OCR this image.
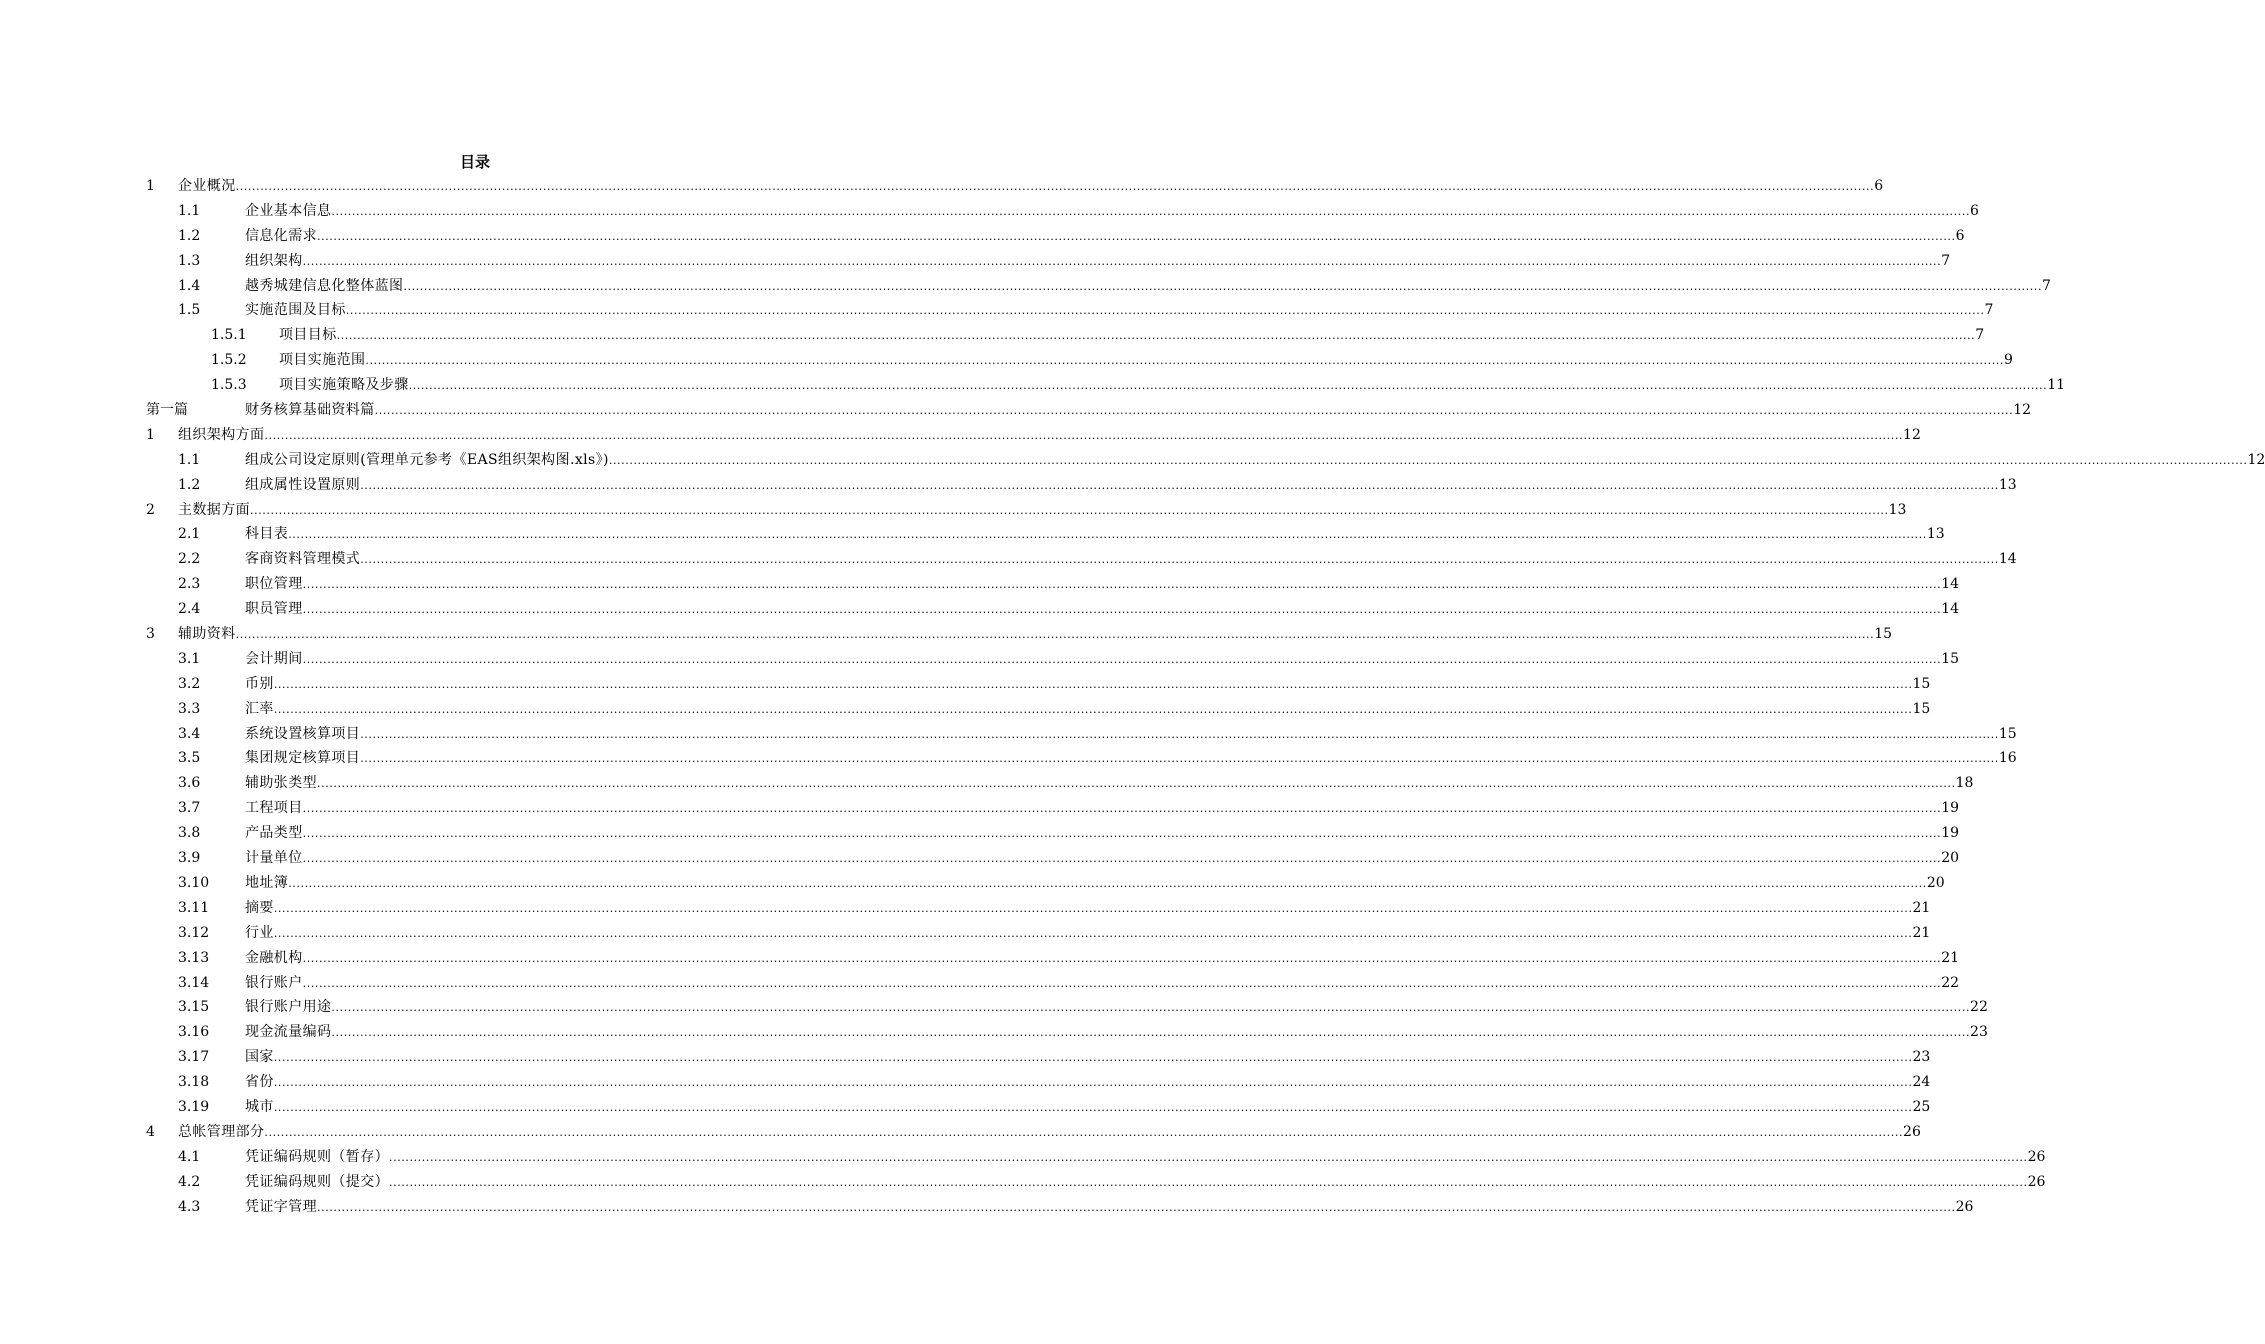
目录
1 企业概况 ................................................................................................................................................................................................................................................................................................................................................................................................................ 6
1.1	企业基本信息 ................................................................................................................................................................................................................................................................................................................................................................................................................ 6
1.2	信息化需求 ................................................................................................................................................................................................................................................................................................................................................................................................................ 6
1.3	组织架构 ................................................................................................................................................................................................................................................................................................................................................................................................................ 7
1.4	越秀城建信息化整体蓝图 ................................................................................................................................................................................................................................................................................................................................................................................................................ 7
1.5	实施范围及目标 ................................................................................................................................................................................................................................................................................................................................................................................................................ 7
1.5.1 项目目标 ................................................................................................................................................................................................................................................................................................................................................................................................................ 7
1.5.2 项目实施范围 ................................................................................................................................................................................................................................................................................................................................................................................................................ 9
1.5.3 项目实施策略及步骤 ................................................................................................................................................................................................................................................................................................................................................................................................................ 11
第一篇	财务核算基础资料篇 ................................................................................................................................................................................................................................................................................................................................................................................................................ 12
1 组织架构方面 ................................................................................................................................................................................................................................................................................................................................................................................................................ 12
1.1	组成公司设定原则(管理单元参考《EAS组织架构图.xls》) ................................................................................................................................................................................................................................................................................................................................................................................................................ 12
1.2	组成属性设置原则 ................................................................................................................................................................................................................................................................................................................................................................................................................ 13
2 主数据方面 ................................................................................................................................................................................................................................................................................................................................................................................................................ 13
2.1	科目表 ................................................................................................................................................................................................................................................................................................................................................................................................................ 13
2.2	客商资料管理模式 ................................................................................................................................................................................................................................................................................................................................................................................................................ 14
2.3	职位管理 ................................................................................................................................................................................................................................................................................................................................................................................................................ 14
2.4	职员管理 ................................................................................................................................................................................................................................................................................................................................................................................................................ 14
3 辅助资料 ................................................................................................................................................................................................................................................................................................................................................................................................................ 15
3.1	会计期间 ................................................................................................................................................................................................................................................................................................................................................................................................................ 15
3.2	币别 ................................................................................................................................................................................................................................................................................................................................................................................................................ 15
3.3	汇率 ................................................................................................................................................................................................................................................................................................................................................................................................................ 15
3.4	系统设置核算项目 ................................................................................................................................................................................................................................................................................................................................................................................................................ 15
3.5	集团规定核算项目 ................................................................................................................................................................................................................................................................................................................................................................................................................ 16
3.6	辅助张类型 ................................................................................................................................................................................................................................................................................................................................................................................................................ 18
3.7	工程项目 ................................................................................................................................................................................................................................................................................................................................................................................................................ 19
3.8	产品类型 ................................................................................................................................................................................................................................................................................................................................................................................................................ 19
3.9	计量单位 ................................................................................................................................................................................................................................................................................................................................................................................................................ 20
3.10	地址簿 ................................................................................................................................................................................................................................................................................................................................................................................................................ 20
3.11	摘要 ................................................................................................................................................................................................................................................................................................................................................................................................................ 21
3.12	行业 ................................................................................................................................................................................................................................................................................................................................................................................................................ 21
3.13	金融机构 ................................................................................................................................................................................................................................................................................................................................................................................................................ 21
3.14	银行账户 ................................................................................................................................................................................................................................................................................................................................................................................................................ 22
3.15	银行账户用途 ................................................................................................................................................................................................................................................................................................................................................................................................................ 22
3.16	现金流量编码 ................................................................................................................................................................................................................................................................................................................................................................................................................ 23
3.17	国家 ................................................................................................................................................................................................................................................................................................................................................................................................................ 23
3.18	省份 ................................................................................................................................................................................................................................................................................................................................................................................................................ 24
3.19	城市 ................................................................................................................................................................................................................................................................................................................................................................................................................ 25
4 总帐管理部分 ................................................................................................................................................................................................................................................................................................................................................................................................................ 26
4.1	凭证编码规则（暂存） ................................................................................................................................................................................................................................................................................................................................................................................................................ 26
4.2	凭证编码规则（提交） ................................................................................................................................................................................................................................................................................................................................................................................................................ 26
4.3	凭证字管理 ................................................................................................................................................................................................................................................................................................................................................................................................................ 26
